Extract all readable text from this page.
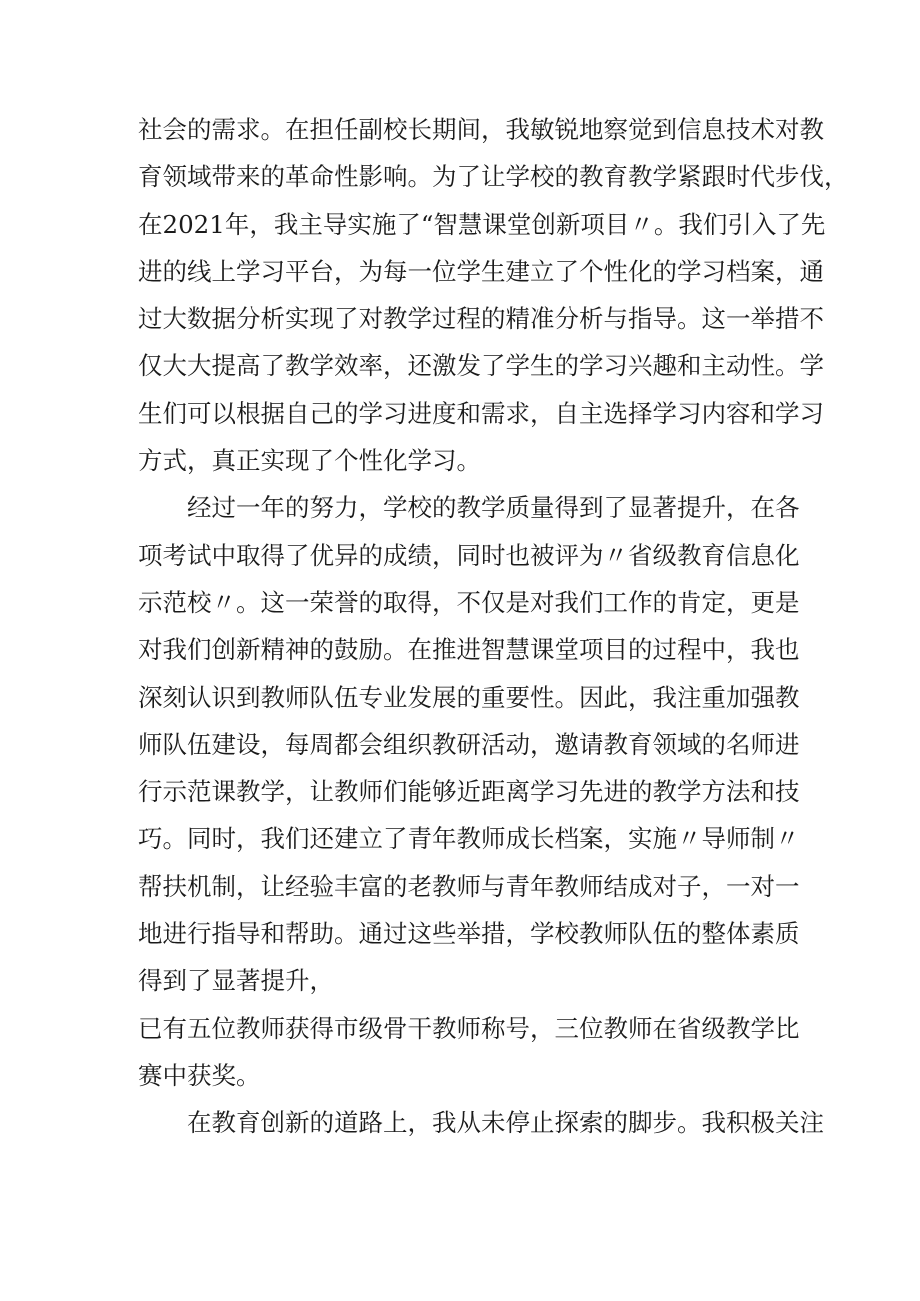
社会的需求。在担任副校长期间，我敏锐地察觉到信息技术对教
育领域带来的革命性影响。为了让学校的教育教学紧跟时代步伐，
在2021年，我主导实施了“智慧课堂创新项目〃。我们引入了先
进的线上学习平台，为每一位学生建立了个性化的学习档案，通
过大数据分析实现了对教学过程的精准分析与指导。这一举措不
仅大大提高了教学效率，还激发了学生的学习兴趣和主动性。学
生们可以根据自己的学习进度和需求，自主选择学习内容和学习
方式，真正实现了个性化学习。
经过一年的努力，学校的教学质量得到了显著提升，在各
项考试中取得了优异的成绩，同时也被评为〃省级教育信息化
示范校〃。这一荣誉的取得，不仅是对我们工作的肯定，更是
对我们创新精神的鼓励。在推进智慧课堂项目的过程中，我也
深刻认识到教师队伍专业发展的重要性。因此，我注重加强教
师队伍建设，每周都会组织教研活动，邀请教育领域的名师进
行示范课教学，让教师们能够近距离学习先进的教学方法和技
巧。同时，我们还建立了青年教师成长档案，实施〃导师制〃
帮扶机制，让经验丰富的老教师与青年教师结成对子，一对一
地进行指导和帮助。通过这些举措，学校教师队伍的整体素质
得到了显著提升，
已有五位教师获得市级骨干教师称号，三位教师在省级教学比
赛中获奖。
在教育创新的道路上，我从未停止探索的脚步。我积极关注
